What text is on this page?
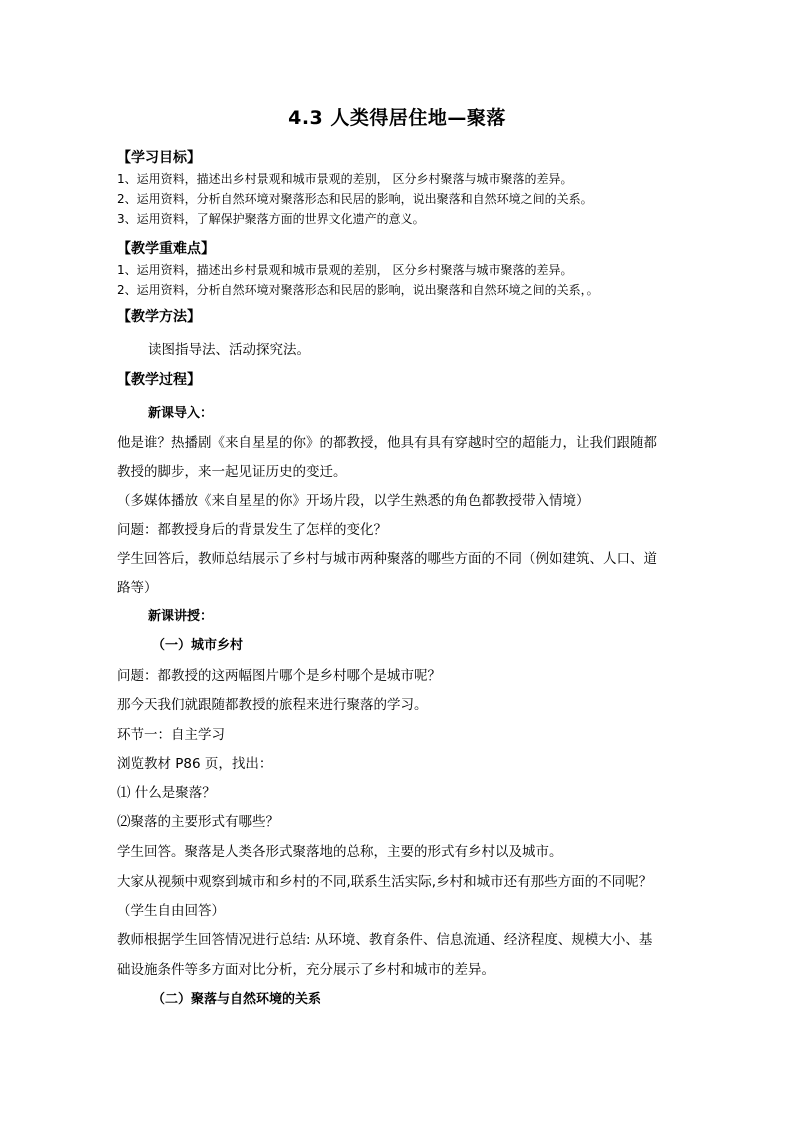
4.3 人类得居住地—聚落
【学习目标】
1、运用资料，描述出乡村景观和城市景观的差别， 区分乡村聚落与城市聚落的差异。
2、运用资料，分析自然环境对聚落形态和民居的影响，说出聚落和自然环境之间的关系。
3、运用资料，了解保护聚落方面的世界文化遗产的意义。
【教学重难点】
1、运用资料，描述出乡村景观和城市景观的差别， 区分乡村聚落与城市聚落的差异。
2、运用资料，分析自然环境对聚落形态和民居的影响，说出聚落和自然环境之间的关系，。
【教学方法】
读图指导法、活动探究法。
【教学过程】
新课导入：
他是谁？热播剧《来自星星的你》的都教授，他具有具有穿越时空的超能力，让我们跟随都
教授的脚步，来一起见证历史的变迁。
（多媒体播放《来自星星的你》开场片段，以学生熟悉的角色都教授带入情境）
问题：都教授身后的背景发生了怎样的变化？
学生回答后，教师总结展示了乡村与城市两种聚落的哪些方面的不同（例如建筑、人口、道
路等）
新课讲授：
（一）城市乡村
问题：都教授的这两幅图片哪个是乡村哪个是城市呢？
那今天我们就跟随都教授的旅程来进行聚落的学习。
环节一：自主学习
浏览教材 P86 页，找出：
⑴ 什么是聚落？
⑵聚落的主要形式有哪些？
学生回答。聚落是人类各形式聚落地的总称，主要的形式有乡村以及城市。
大家从视频中观察到城市和乡村的不同,联系生活实际,乡村和城市还有那些方面的不同呢？
（学生自由回答）
教师根据学生回答情况进行总结: 从环境、教育条件、信息流通、经济程度、规模大小、基
础设施条件等多方面对比分析，充分展示了乡村和城市的差异。
（二）聚落与自然环境的关系
